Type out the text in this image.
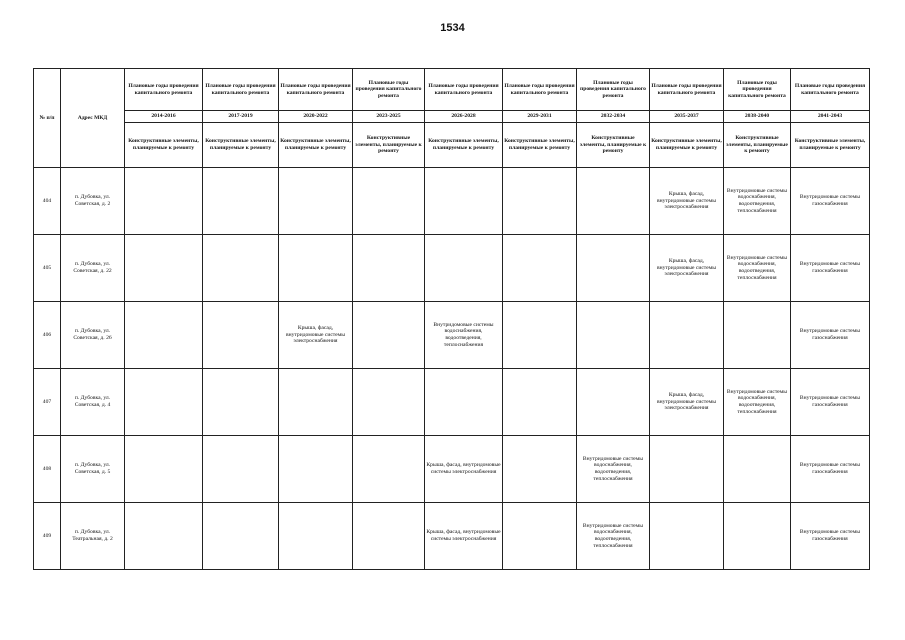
1534
№ п/п	Адрес МКД	Плановые годы проведения капитального ремонта	Плановые годы проведения капитального ремонта	Плановые годы проведения капитального ремонта	Плановые годы проведения капитального ремонта	Плановые годы проведения капитального ремонта	Плановые годы проведения капитального ремонта	Плановые годы проведения капитального ремонта	Плановые годы проведения капитального ремонта	Плановые годы проведения капитального ремонта	Плановые годы проведения капитального ремонта
		2014-2016	2017-2019	2020-2022	2023-2025	2026-2028	2029-2031	2032-2034	2035-2037	2038-2040	2041-2043
		Конструктивные элементы, планируемые к ремонту	Конструктивные элементы, планируемые к ремонту	Конструктивные элементы, планируемые к ремонту	Конструктивные элементы, планируемые к ремонту	Конструктивные элементы, планируемые к ремонту	Конструктивные элементы, планируемые к ремонту	Конструктивные элементы, планируемые к ремонту	Конструктивные элементы, планируемые к ремонту	Конструктивные элементы, планируемые к ремонту	Конструктивные элементы, планируемые к ремонту
404	п. Дубовка, ул. Советская, д. 2								Крыша, фасад, внутридомовые системы электроснабжения	Внутридомовые системы водоснабжения, водоотведения, теплоснабжения	Внутридомовые системы газоснабжения
405	п. Дубовка, ул. Советская, д. 22								Крыша, фасад, внутридомовые системы электроснабжения	Внутридомовые системы водоснабжения, водоотведения, теплоснабжения	Внутридомовые системы газоснабжения
406	п. Дубовка, ул. Советская, д. 26			Крыша, фасад, внутридомовые системы электроснабжения		Внутридомовые системы водоснабжения, водоотведения, теплоснабжения					Внутридомовые системы газоснабжения
407	п. Дубовка, ул. Советская, д. 4								Крыша, фасад, внутридомовые системы электроснабжения	Внутридомовые системы водоснабжения, водоотведения, теплоснабжения	Внутридомовые системы газоснабжения
408	п. Дубовка, ул. Советская, д. 5					Крыша, фасад, внутридомовые системы электроснабжения		Внутридомовые системы водоснабжения, водоотведения, теплоснабжения			Внутридомовые системы газоснабжения
409	п. Дубовка, ул. Театральная, д. 2					Крыша, фасад, внутридомовые системы электроснабжения		Внутридомовые системы водоснабжения, водоотведения, теплоснабжения			Внутридомовые системы газоснабжения
